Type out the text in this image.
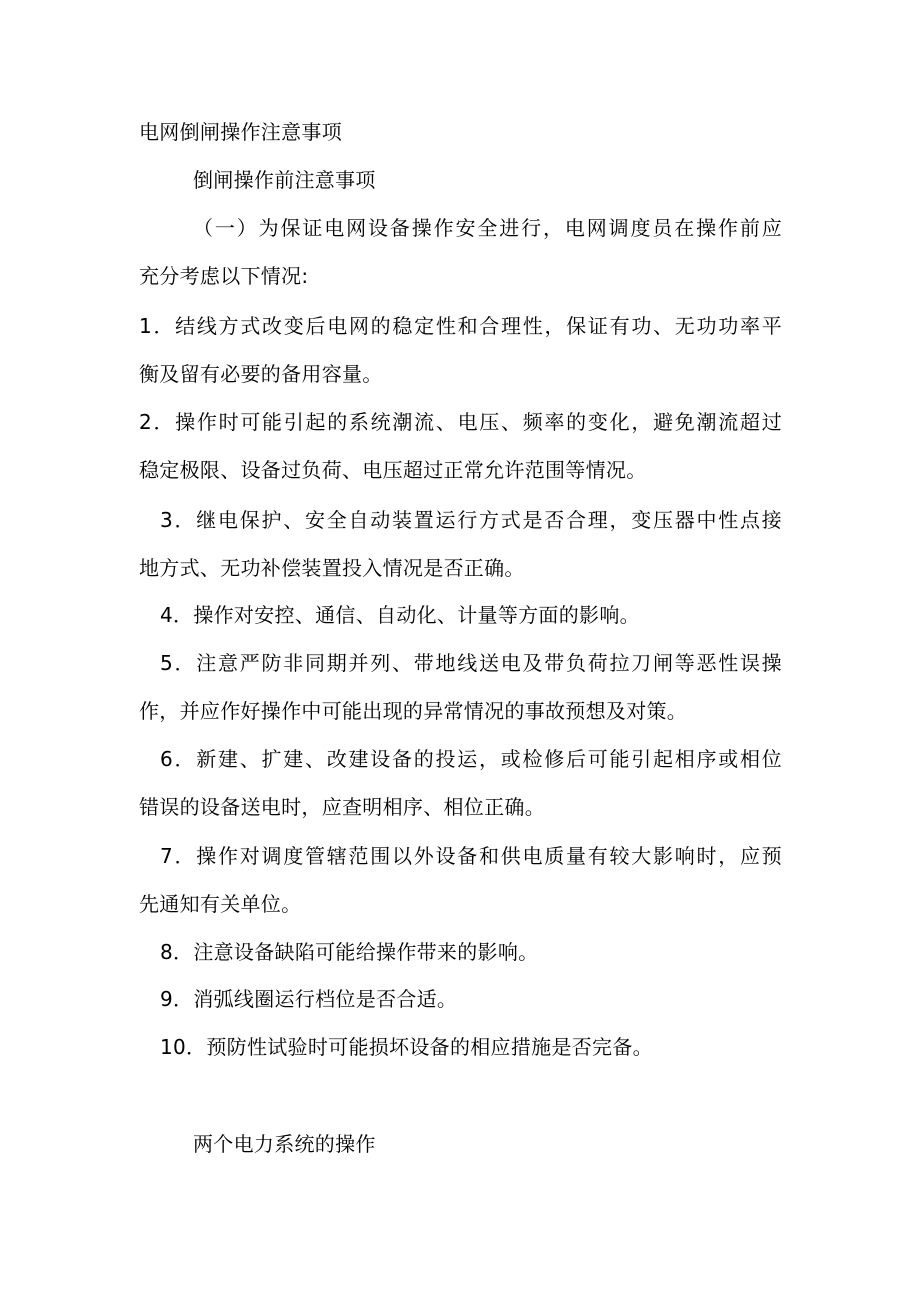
电网倒闸操作注意事项

倒闸操作前注意事项

（一）为保证电网设备操作安全进行，电网调度员在操作前应

充分考虑以下情况:

1．结线方式改变后电网的稳定性和合理性，保证有功、无功功率平

衡及留有必要的备用容量。

2．操作时可能引起的系统潮流、电压、频率的变化，避免潮流超过

稳定极限、设备过负荷、电压超过正常允许范围等情况。

3．继电保护、安全自动装置运行方式是否合理，变压器中性点接

地方式、无功补偿装置投入情况是否正确。

4．操作对安控、通信、自动化、计量等方面的影响。

5．注意严防非同期并列、带地线送电及带负荷拉刀闸等恶性误操

作，并应作好操作中可能出现的异常情况的事故预想及对策。

6．新建、扩建、改建设备的投运，或检修后可能引起相序或相位

错误的设备送电时，应查明相序、相位正确。

7．操作对调度管辖范围以外设备和供电质量有较大影响时，应预

先通知有关单位。

8．注意设备缺陷可能给操作带来的影响。

9．消弧线圈运行档位是否合适。

10．预防性试验时可能损坏设备的相应措施是否完备。

两个电力系统的操作
